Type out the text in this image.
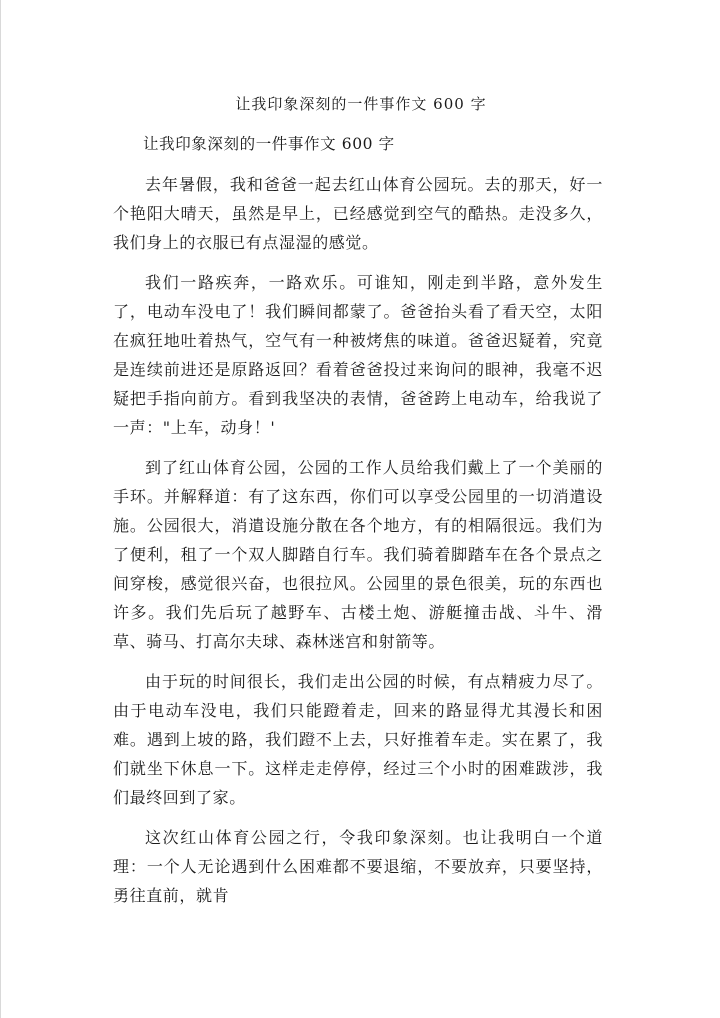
让我印象深刻的一件事作文 600 字

让我印象深刻的一件事作文 600 字

去年暑假，我和爸爸一起去红山体育公园玩。去的那天，好一个艳阳大晴天，虽然是早上，已经感觉到空气的酷热。走没多久，我们身上的衣服已有点湿湿的感觉。

我们一路疾奔，一路欢乐。可谁知，刚走到半路，意外发生了，电动车没电了！我们瞬间都蒙了。爸爸抬头看了看天空，太阳在疯狂地吐着热气，空气有一种被烤焦的味道。爸爸迟疑着，究竟是连续前进还是原路返回？看着爸爸投过来询问的眼神，我毫不迟疑把手指向前方。看到我坚决的表情，爸爸跨上电动车，给我说了一声："上车，动身！'

到了红山体育公园，公园的工作人员给我们戴上了一个美丽的手环。并解释道：有了这东西，你们可以享受公园里的一切消遣设施。公园很大，消遣设施分散在各个地方，有的相隔很远。我们为了便利，租了一个双人脚踏自行车。我们骑着脚踏车在各个景点之间穿梭，感觉很兴奋，也很拉风。公园里的景色很美，玩的东西也许多。我们先后玩了越野车、古楼土炮、游艇撞击战、斗牛、滑草、骑马、打高尔夫球、森林迷宫和射箭等。

由于玩的时间很长，我们走出公园的时候，有点精疲力尽了。由于电动车没电，我们只能蹬着走，回来的路显得尤其漫长和困难。遇到上坡的路，我们蹬不上去，只好推着车走。实在累了，我们就坐下休息一下。这样走走停停，经过三个小时的困难跋涉，我们最终回到了家。

这次红山体育公园之行，令我印象深刻。也让我明白一个道理：一个人无论遇到什么困难都不要退缩，不要放弃，只要坚持，勇往直前，就肯
